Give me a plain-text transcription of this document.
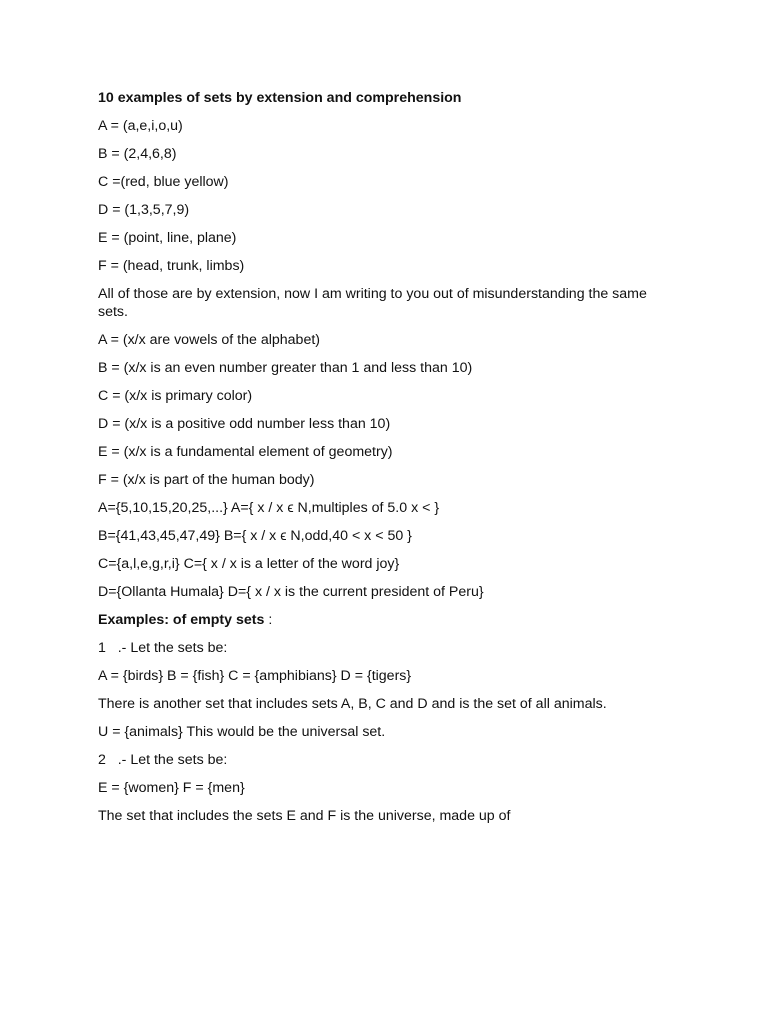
10 examples of sets by extension and comprehension
A = (a,e,i,o,u)
B = (2,4,6,8)
C =(red, blue yellow)
D = (1,3,5,7,9)
E = (point, line, plane)
F = (head, trunk, limbs)
All of those are by extension, now I am writing to you out of misunderstanding the same sets.
A = (x/x are vowels of the alphabet)
B = (x/x is an even number greater than 1 and less than 10)
C = (x/x is primary color)
D = (x/x is a positive odd number less than 10)
E = (x/x is a fundamental element of geometry)
F = (x/x is part of the human body)
A={5,10,15,20,25,...} A={ x / x ϵ N,multiples of 5.0 x < }
B={41,43,45,47,49} B={ x / x ϵ N,odd,40 < x < 50 }
C={a,l,e,g,r,i} C={ x / x is a letter of the word joy}
D={Ollanta Humala} D={ x / x is the current president of Peru}
Examples: of empty sets :
1   .- Let the sets be:
A = {birds} B = {fish} C = {amphibians} D = {tigers}
There is another set that includes sets A, B, C and D and is the set of all animals.
U = {animals} This would be the universal set.
2   .- Let the sets be:
E = {women} F = {men}
The set that includes the sets E and F is the universe, made up of
